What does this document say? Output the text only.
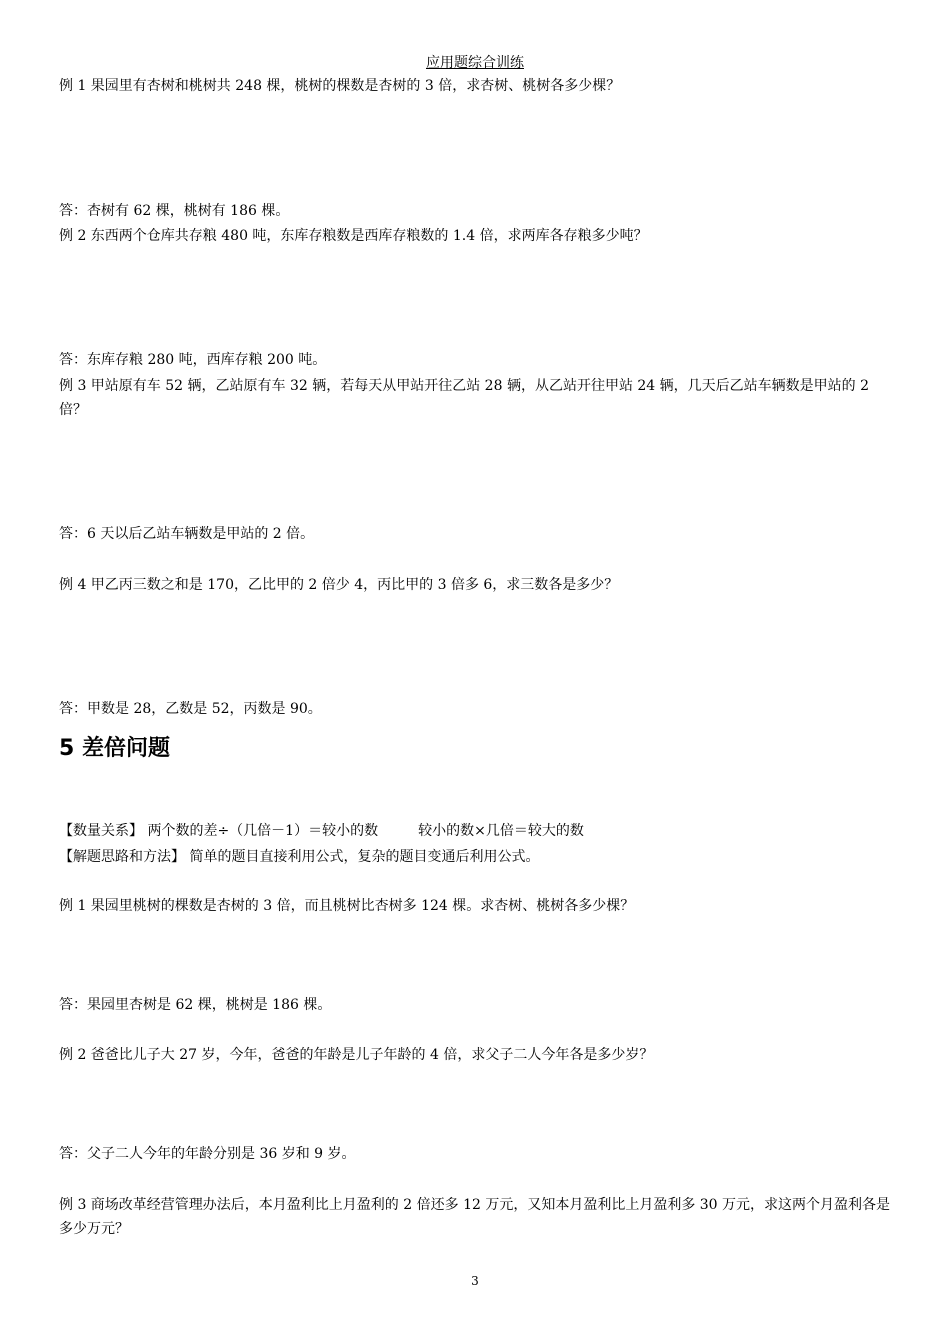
应用题综合训练
例 1 果园里有杏树和桃树共 248 棵，桃树的棵数是杏树的 3 倍，求杏树、桃树各多少棵？
答：杏树有 62 棵，桃树有 186 棵。
例 2 东西两个仓库共存粮 480 吨，东库存粮数是西库存粮数的 1.4 倍，求两库各存粮多少吨？
答：东库存粮 280 吨，西库存粮 200 吨。
例 3 甲站原有车 52 辆，乙站原有车 32 辆，若每天从甲站开往乙站 28 辆，从乙站开往甲站 24 辆，几天后乙站车辆数是甲站的 2 倍？
答：6 天以后乙站车辆数是甲站的 2 倍。
例 4 甲乙丙三数之和是 170，乙比甲的 2 倍少 4，丙比甲的 3 倍多 6，求三数各是多少？
答：甲数是 28，乙数是 52，丙数是 90。
5 差倍问题
【数量关系】 两个数的差÷（几倍－1）＝较小的数	较小的数×几倍＝较大的数
【解题思路和方法】 简单的题目直接利用公式，复杂的题目变通后利用公式。
例 1 果园里桃树的棵数是杏树的 3 倍，而且桃树比杏树多 124 棵。求杏树、桃树各多少棵？
答：果园里杏树是 62 棵，桃树是 186 棵。
例 2 爸爸比儿子大 27 岁，今年，爸爸的年龄是儿子年龄的 4 倍，求父子二人今年各是多少岁？
答：父子二人今年的年龄分别是 36 岁和 9 岁。
例 3 商场改革经营管理办法后，本月盈利比上月盈利的 2 倍还多 12 万元，又知本月盈利比上月盈利多 30 万元，求这两个月盈利各是多少万元？
3
